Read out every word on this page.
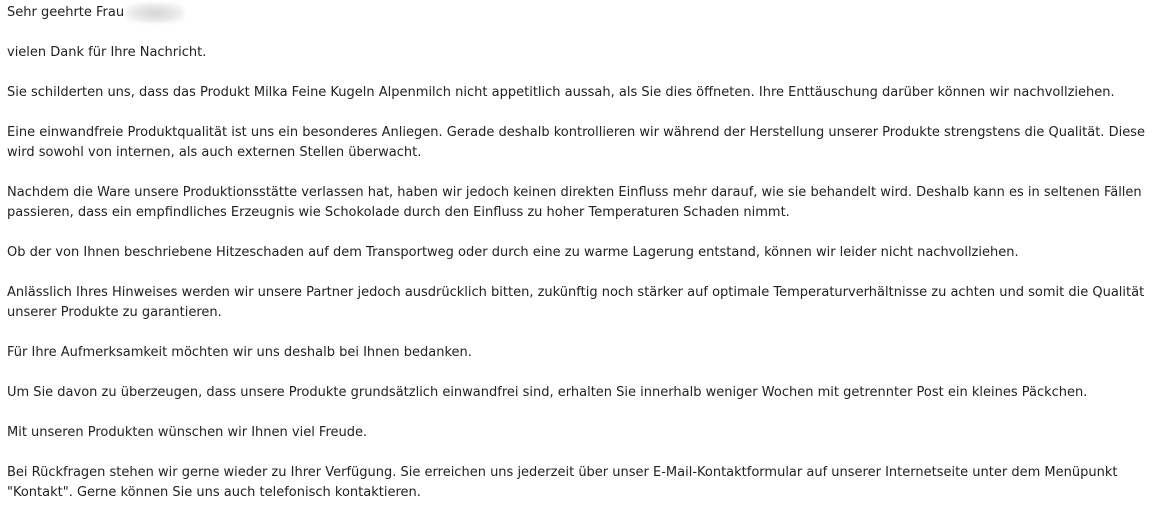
Sehr geehrte Frau

vielen Dank für Ihre Nachricht.

Sie schilderten uns, dass das Produkt Milka Feine Kugeln Alpenmilch nicht appetitlich aussah, als Sie dies öffneten. Ihre Enttäuschung darüber können wir nachvollziehen.

Eine einwandfreie Produktqualität ist uns ein besonderes Anliegen. Gerade deshalb kontrollieren wir während der Herstellung unserer Produkte strengstens die Qualität. Diese wird sowohl von internen, als auch externen Stellen überwacht.

Nachdem die Ware unsere Produktionsstätte verlassen hat, haben wir jedoch keinen direkten Einfluss mehr darauf, wie sie behandelt wird. Deshalb kann es in seltenen Fällen passieren, dass ein empfindliches Erzeugnis wie Schokolade durch den Einfluss zu hoher Temperaturen Schaden nimmt.

Ob der von Ihnen beschriebene Hitzeschaden auf dem Transportweg oder durch eine zu warme Lagerung entstand, können wir leider nicht nachvollziehen.

Anlässlich Ihres Hinweises werden wir unsere Partner jedoch ausdrücklich bitten, zukünftig noch stärker auf optimale Temperaturverhältnisse zu achten und somit die Qualität unserer Produkte zu garantieren.

Für Ihre Aufmerksamkeit möchten wir uns deshalb bei Ihnen bedanken.

Um Sie davon zu überzeugen, dass unsere Produkte grundsätzlich einwandfrei sind, erhalten Sie innerhalb weniger Wochen mit getrennter Post ein kleines Päckchen.

Mit unseren Produkten wünschen wir Ihnen viel Freude.

Bei Rückfragen stehen wir gerne wieder zu Ihrer Verfügung. Sie erreichen uns jederzeit über unser E-Mail-Kontaktformular auf unserer Internetseite unter dem Menüpunkt "Kontakt". Gerne können Sie uns auch telefonisch kontaktieren.
